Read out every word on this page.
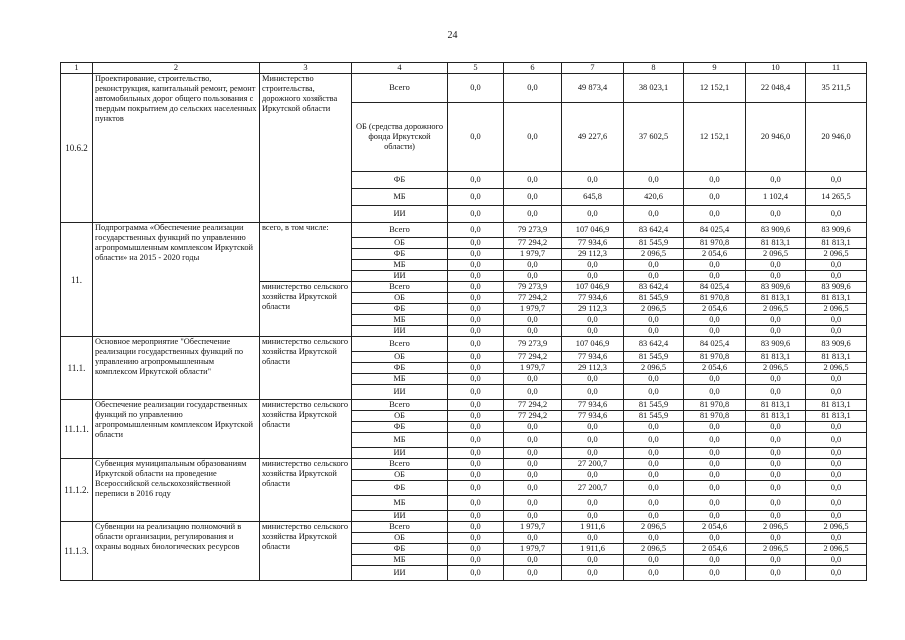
24
1	2	3	4	5	6	7	8	9	10	11
10.6.2	Проектирование, строительство, реконструкция, капитальный ремонт, ремонт автомобильных дорог общего пользования с твердым покрытием до сельских населенных пунктов	Министерство строительства, дорожного хозяйства Иркутской области	Всего	0,0	0,0	49 873,4	38 023,1	12 152,1	22 048,4	35 211,5
			ОБ (средства дорожного фонда Иркутской области)	0,0	0,0	49 227,6	37 602,5	12 152,1	20 946,0	20 946,0
			ФБ	0,0	0,0	0,0	0,0	0,0	0,0	0,0
			МБ	0,0	0,0	645,8	420,6	0,0	1 102,4	14 265,5
			ИИ	0,0	0,0	0,0	0,0	0,0	0,0	0,0
11.	Подпрограмма «Обеспечение реализации государственных функций по управлению агропромышленным комплексом Иркутской области» на 2015 - 2020 годы	всего, в том числе:	Всего	0,0	79 273,9	107 046,9	83 642,4	84 025,4	83 909,6	83 909,6
			ОБ	0,0	77 294,2	77 934,6	81 545,9	81 970,8	81 813,1	81 813,1
			ФБ	0,0	1 979,7	29 112,3	2 096,5	2 054,6	2 096,5	2 096,5
			МБ	0,0	0,0	0,0	0,0	0,0	0,0	0,0
			ИИ	0,0	0,0	0,0	0,0	0,0	0,0	0,0
		министерство сельского хозяйства Иркутской области	Всего	0,0	79 273,9	107 046,9	83 642,4	84 025,4	83 909,6	83 909,6
			ОБ	0,0	77 294,2	77 934,6	81 545,9	81 970,8	81 813,1	81 813,1
			ФБ	0,0	1 979,7	29 112,3	2 096,5	2 054,6	2 096,5	2 096,5
			МБ	0,0	0,0	0,0	0,0	0,0	0,0	0,0
			ИИ	0,0	0,0	0,0	0,0	0,0	0,0	0,0
11.1.	Основное мероприятие "Обеспечение реализации государственных функций по управлению агропромышленным комплексом Иркутской области"	министерство сельского хозяйства Иркутской области	Всего	0,0	79 273,9	107 046,9	83 642,4	84 025,4	83 909,6	83 909,6
			ОБ	0,0	77 294,2	77 934,6	81 545,9	81 970,8	81 813,1	81 813,1
			ФБ	0,0	1 979,7	29 112,3	2 096,5	2 054,6	2 096,5	2 096,5
			МБ	0,0	0,0	0,0	0,0	0,0	0,0	0,0
			ИИ	0,0	0,0	0,0	0,0	0,0	0,0	0,0
11.1.1.	Обеспечение реализации государственных функций по управлению агропромышленным комплексом Иркутской области	министерство сельского хозяйства Иркутской области	Всего	0,0	77 294,2	77 934,6	81 545,9	81 970,8	81 813,1	81 813,1
			ОБ	0,0	77 294,2	77 934,6	81 545,9	81 970,8	81 813,1	81 813,1
			ФБ	0,0	0,0	0,0	0,0	0,0	0,0	0,0
			МБ	0,0	0,0	0,0	0,0	0,0	0,0	0,0
			ИИ	0,0	0,0	0,0	0,0	0,0	0,0	0,0
11.1.2.	Субвенция муниципальным образованиям Иркутской области на проведение Всероссийской сельскохозяйственной переписи в 2016 году	министерство сельского хозяйства Иркутской области	Всего	0,0	0,0	27 200,7	0,0	0,0	0,0	0,0
			ОБ	0,0	0,0	0,0	0,0	0,0	0,0	0,0
			ФБ	0,0	0,0	27 200,7	0,0	0,0	0,0	0,0
			МБ	0,0	0,0	0,0	0,0	0,0	0,0	0,0
			ИИ	0,0	0,0	0,0	0,0	0,0	0,0	0,0
11.1.3.	Субвенции на реализацию полномочий в области организации, регулирования и охраны водных биологических ресурсов	министерство сельского хозяйства Иркутской области	Всего	0,0	1 979,7	1 911,6	2 096,5	2 054,6	2 096,5	2 096,5
			ОБ	0,0	0,0	0,0	0,0	0,0	0,0	0,0
			ФБ	0,0	1 979,7	1 911,6	2 096,5	2 054,6	2 096,5	2 096,5
			МБ	0,0	0,0	0,0	0,0	0,0	0,0	0,0
			ИИ	0,0	0,0	0,0	0,0	0,0	0,0	0,0
